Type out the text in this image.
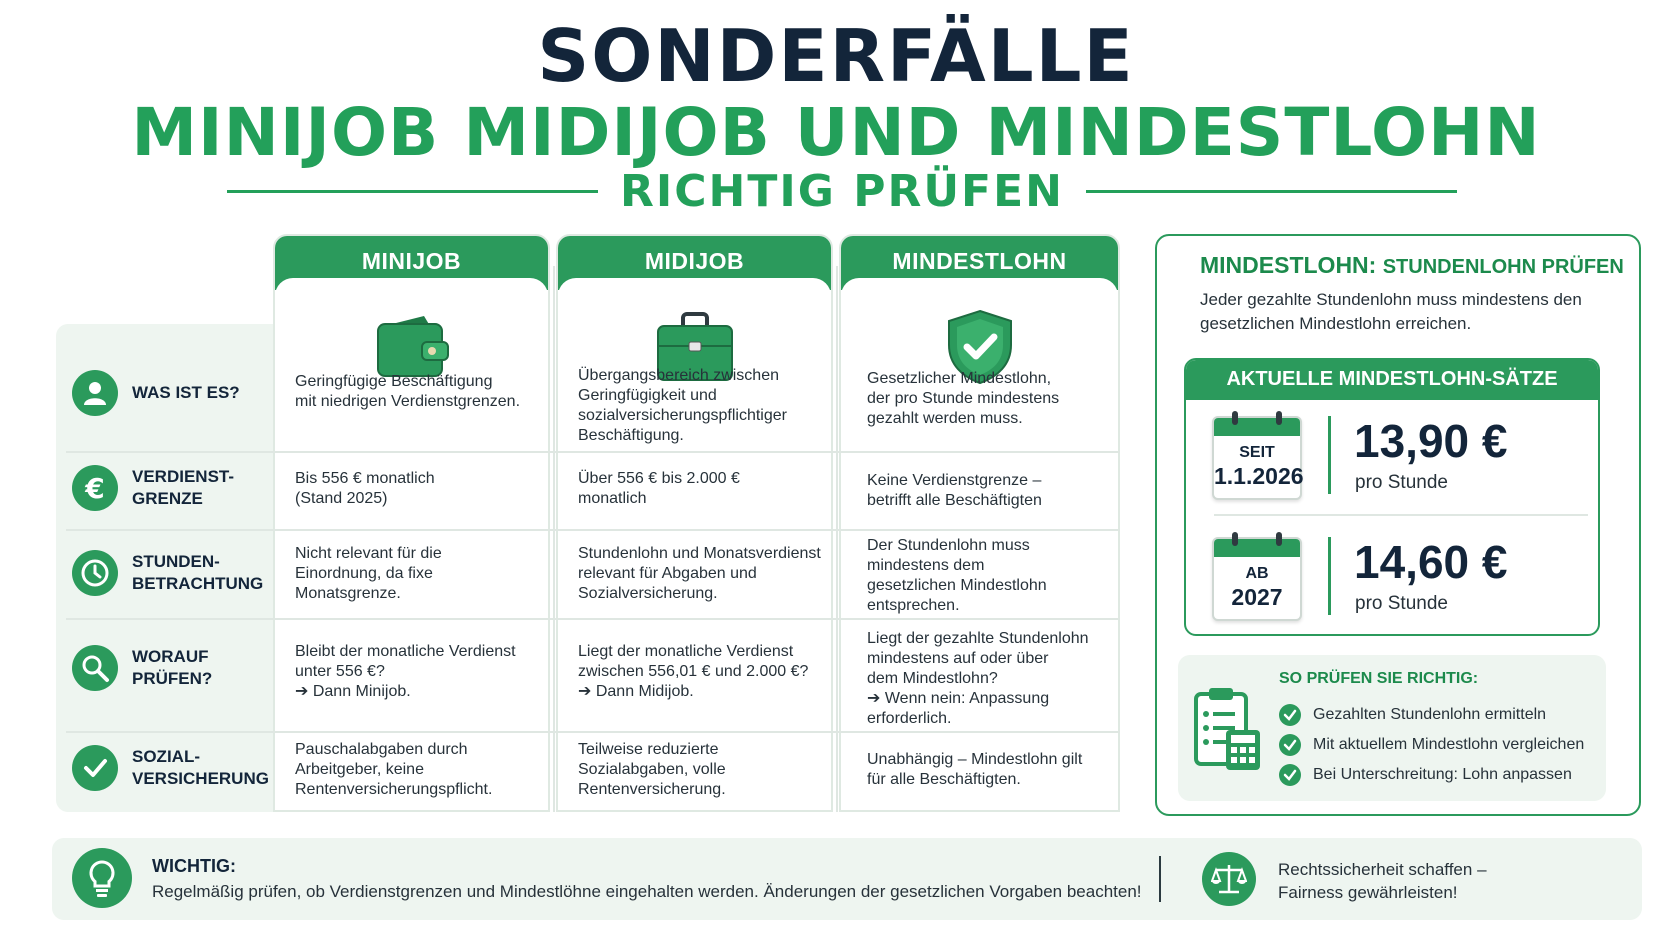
SONDERFÄLLE
MINIJOB MIDIJOB UND MINDESTLOHN
RICHTIG PRÜFEN
MINIJOB	MIDIJOB	MINDESTLOHN
WAS IST ES?
€ VERDIENST-
GRENZE
STUNDEN-
BETRACHTUNG
WORAUF
PRÜFEN?
SOZIAL-
VERSICHERUNG
Geringfügige Beschäftigung
mit niedrigen Verdienstgrenzen.
Übergangsbereich zwischen
Geringfügigkeit und
sozialversicherungspflichtiger
Beschäftigung.
Gesetzlicher Mindestlohn,
der pro Stunde mindestens
gezahlt werden muss.
Bis 556 € monatlich
(Stand 2025)
Über 556 € bis 2.000 €
monatlich
Keine Verdienstgrenze –
betrifft alle Beschäftigten
Nicht relevant für die
Einordnung, da fixe
Monatsgrenze.
Stundenlohn und Monatsverdienst
relevant für Abgaben und
Sozialversicherung.
Der Stundenlohn muss
mindestens dem
gesetzlichen Mindestlohn
entsprechen.
Bleibt der monatliche Verdienst
unter 556 €?
➔ Dann Minijob.
Liegt der monatliche Verdienst
zwischen 556,01 € und 2.000 €?
➔ Dann Midijob.
Liegt der gezahlte Stundenlohn
mindestens auf oder über
dem Mindestlohn?
➔ Wenn nein: Anpassung
erforderlich.
Pauschalabgaben durch
Arbeitgeber, keine
Rentenversicherungspflicht.
Teilweise reduzierte
Sozialabgaben, volle
Rentenversicherung.
Unabhängig – Mindestlohn gilt
für alle Beschäftigten.
MINDESTLOHN: STUNDENLOHN PRÜFEN
Jeder gezahlte Stundenlohn muss mindestens den gesetzlichen Mindestlohn erreichen.
AKTUELLE MINDESTLOHN-SÄTZE
SEIT
1.1.2026
13,90 €
pro Stunde
AB
2027
14,60 €
pro Stunde
SO PRÜFEN SIE RICHTIG:
Gezahlten Stundenlohn ermitteln
Mit aktuellem Mindestlohn vergleichen
Bei Unterschreitung: Lohn anpassen
WICHTIG:
Regelmäßig prüfen, ob Verdienstgrenzen und Mindestlöhne eingehalten werden. Änderungen der gesetzlichen Vorgaben beachten!
Rechtssicherheit schaffen –
Fairness gewährleisten!
